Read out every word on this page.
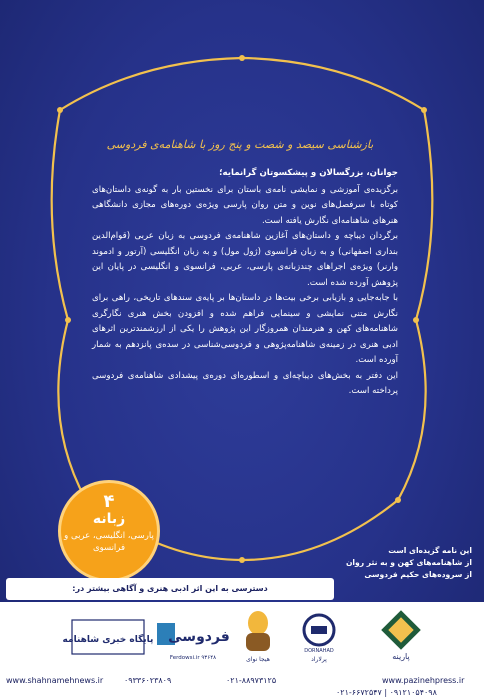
بازشناسی سیصد و شصت و پنج روز با شاهنامه‌ی فردوسی

جوانان، بزرگسالان و پیشکسوتان گرانمایه؛

برگزیده‌ی آموزشی و نمایشی نامه‌ی باستان برای نخستین بار به گونه‌ی داستان‌های کوتاه با سرفصل‌های نوین و متن روان پارسی ویژه‌ی دوره‌های مجازی دانشگاهی هنرهای شاهنامه‌ای نگارش یافته است.

برگردان دیباچه و داستان‌های آغازین شاهنامه‌ی فردوسی به زبان عربی (قوام‌الدین بنداری اصفهانی) و به زبان فرانسوی (ژول مول) و به زبان انگلیسی (آرتور و ادموند وارنر) ویژه‌ی اجراهای چندزبانه‌ی پارسی، عربی، فرانسوی و انگلیسی در پایان این پژوهش آورده شده است.

با جابه‌جایی و بازیابی برخی بیت‌ها در داستان‌ها بر پایه‌ی سندهای تاریخی، راهی برای نگارش متنی نمایشی و سینمایی فراهم شده و افزودن بخش هنری نگارگری شاهنامه‌های کهن و هنرمندان همروزگار این پژوهش را یکی از ارزشمندترین اثرهای ادبی هنری در زمینه‌ی شاهنامه‌پژوهی و فردوسی‌شناسی در سده‌ی پانزدهم به شمار آورده است.

این دفتر به بخش‌های دیباچه‌ای و اسطوره‌ای دوره‌ی پیشدادی شاهنامه‌ی فردوسی پرداخته است.

۴
زبانه
پارسی، انگلیسی، عربی و فرانسوی	این نامه گزیده‌ای است
از شاهنامه‌های کهن و به نثر روان
از سروده‌های حکیم فردوسی
دسترسی به این اثر ادبی هنری و آگاهی بیشتر در:
پارینه
DORNAHAD
پرلاراد
هیجا نوای
فردوسی
Ferdowsi.ir ۹۳۶۴۸
پایگاه خبری شاهنامه
www.shahnamehnews.ir	۰۹۳۳۶۰۲۳۸۰۹	۰۲۱-۸۸۹۷۳۱۲۵	www.pazinehpress.ir
۰۲۱-۶۶۷۲۵۴۷ | ۰۹۱۲۱۰۵۴۰۹۸
